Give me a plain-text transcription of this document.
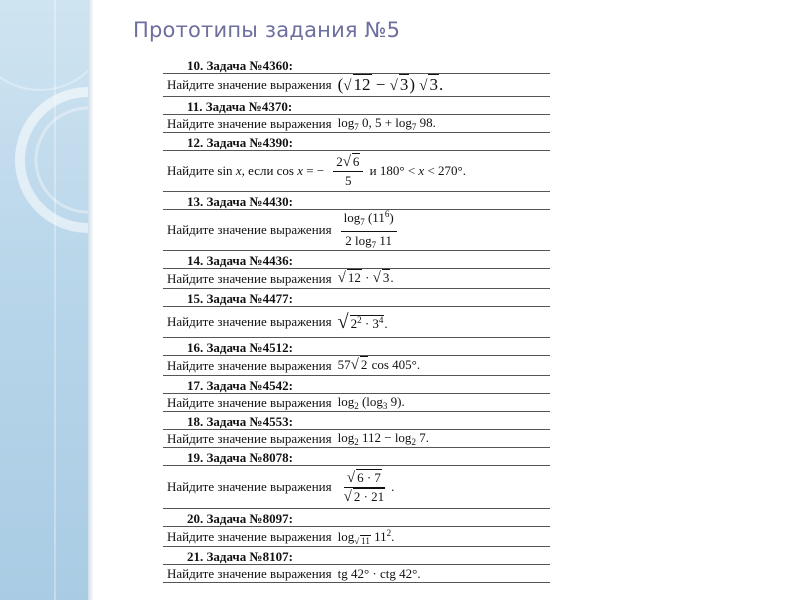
Прототипы задания №5
10. Задача №4360:
Найдите значение выражения (√ 12 − √ 3) √ 3.
11. Задача №4370:
Найдите значение выражения $\log_7 0$, $5 + \log_7 98$.
12. Задача №4390:
Найдите sin x, если cos x = − $\frac{2√ 6}{5}$ и 180° < x < 270°.
13. Задача №4430:
Найдите значение выражения $\frac{\log_7 (11^6)}{2 \log_7 11}$
14. Задача №4436:
Найдите значение выражения √ 12 · √ 3.
15. Задача №4477:
Найдите значение выражения √ $2^2 \cdot 3^4$.
16. Задача №4512:
Найдите значение выражения 57√ 2 cos 405°.
17. Задача №4542:
Найдите значение выражения $\log_2 (\log_3$ 9).
18. Задача №4553:
Найдите значение выражения $\log_2 112 - \log_2 7$.
19. Задача №8078:
Найдите значение выражения $\frac{√ 6 \cdot 7}{√ 2 \cdot 21}$ .
20. Задача №8097:
Найдите значение выражения $\log_{√ 11} 11^2$.
21. Задача №8107:
Найдите значение выражения tg 42° · ctg 42°.
